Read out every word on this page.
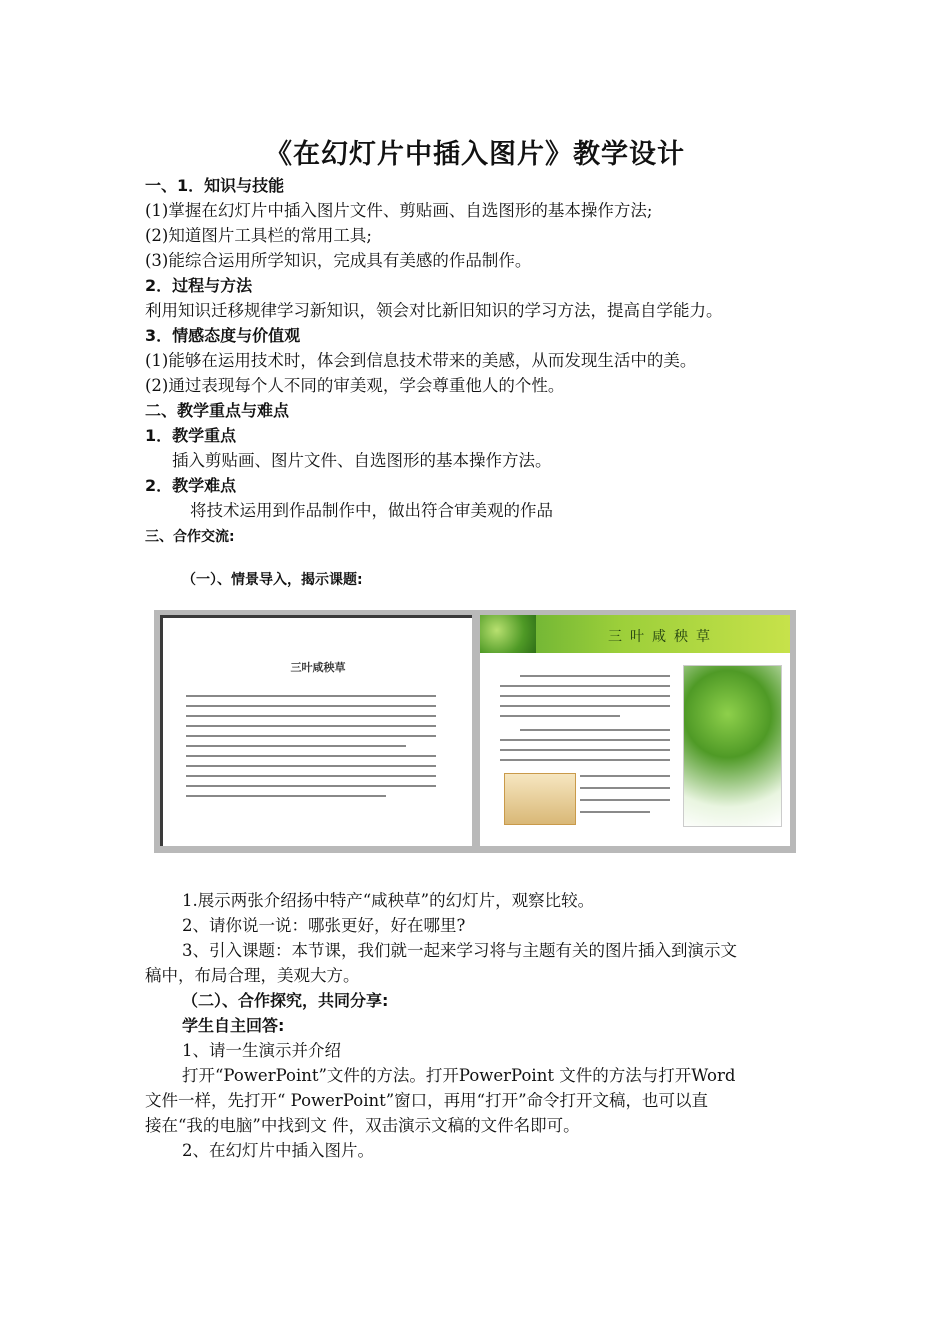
《在幻灯片中插入图片》教学设计
一、1．知识与技能
(1)掌握在幻灯片中插入图片文件、剪贴画、自选图形的基本操作方法;
(2)知道图片工具栏的常用工具;
(3)能综合运用所学知识，完成具有美感的作品制作。
2．过程与方法
利用知识迁移规律学习新知识，领会对比新旧知识的学习方法，提高自学能力。
3．情感态度与价值观
(1)能够在运用技术时，体会到信息技术带来的美感，从而发现生活中的美。
(2)通过表现每个人不同的审美观，学会尊重他人的个性。
二、教学重点与难点
1．教学重点
插入剪贴画、图片文件、自选图形的基本操作方法。
2．教学难点
将技术运用到作品制作中，做出符合审美观的作品
三、合作交流:
（一）、情景导入，揭示课题:
三叶咸秧草
三叶咸秧草
1.展示两张介绍扬中特产“咸秧草”的幻灯片，观察比较。
2、请你说一说：哪张更好，好在哪里?
3、引入课题：本节课，我们就一起来学习将与主题有关的图片插入到演示文
稿中，布局合理，美观大方。
（二）、合作探究，共同分享:
学生自主回答:
1、请一生演示并介绍
打开“PowerPoint”文件的方法。打开PowerPoint 文件的方法与打开Word
文件一样，先打开“ PowerPoint”窗口，再用“打开”命令打开文稿，也可以直
接在“我的电脑”中找到文 件，双击演示文稿的文件名即可。
2、在幻灯片中插入图片。
